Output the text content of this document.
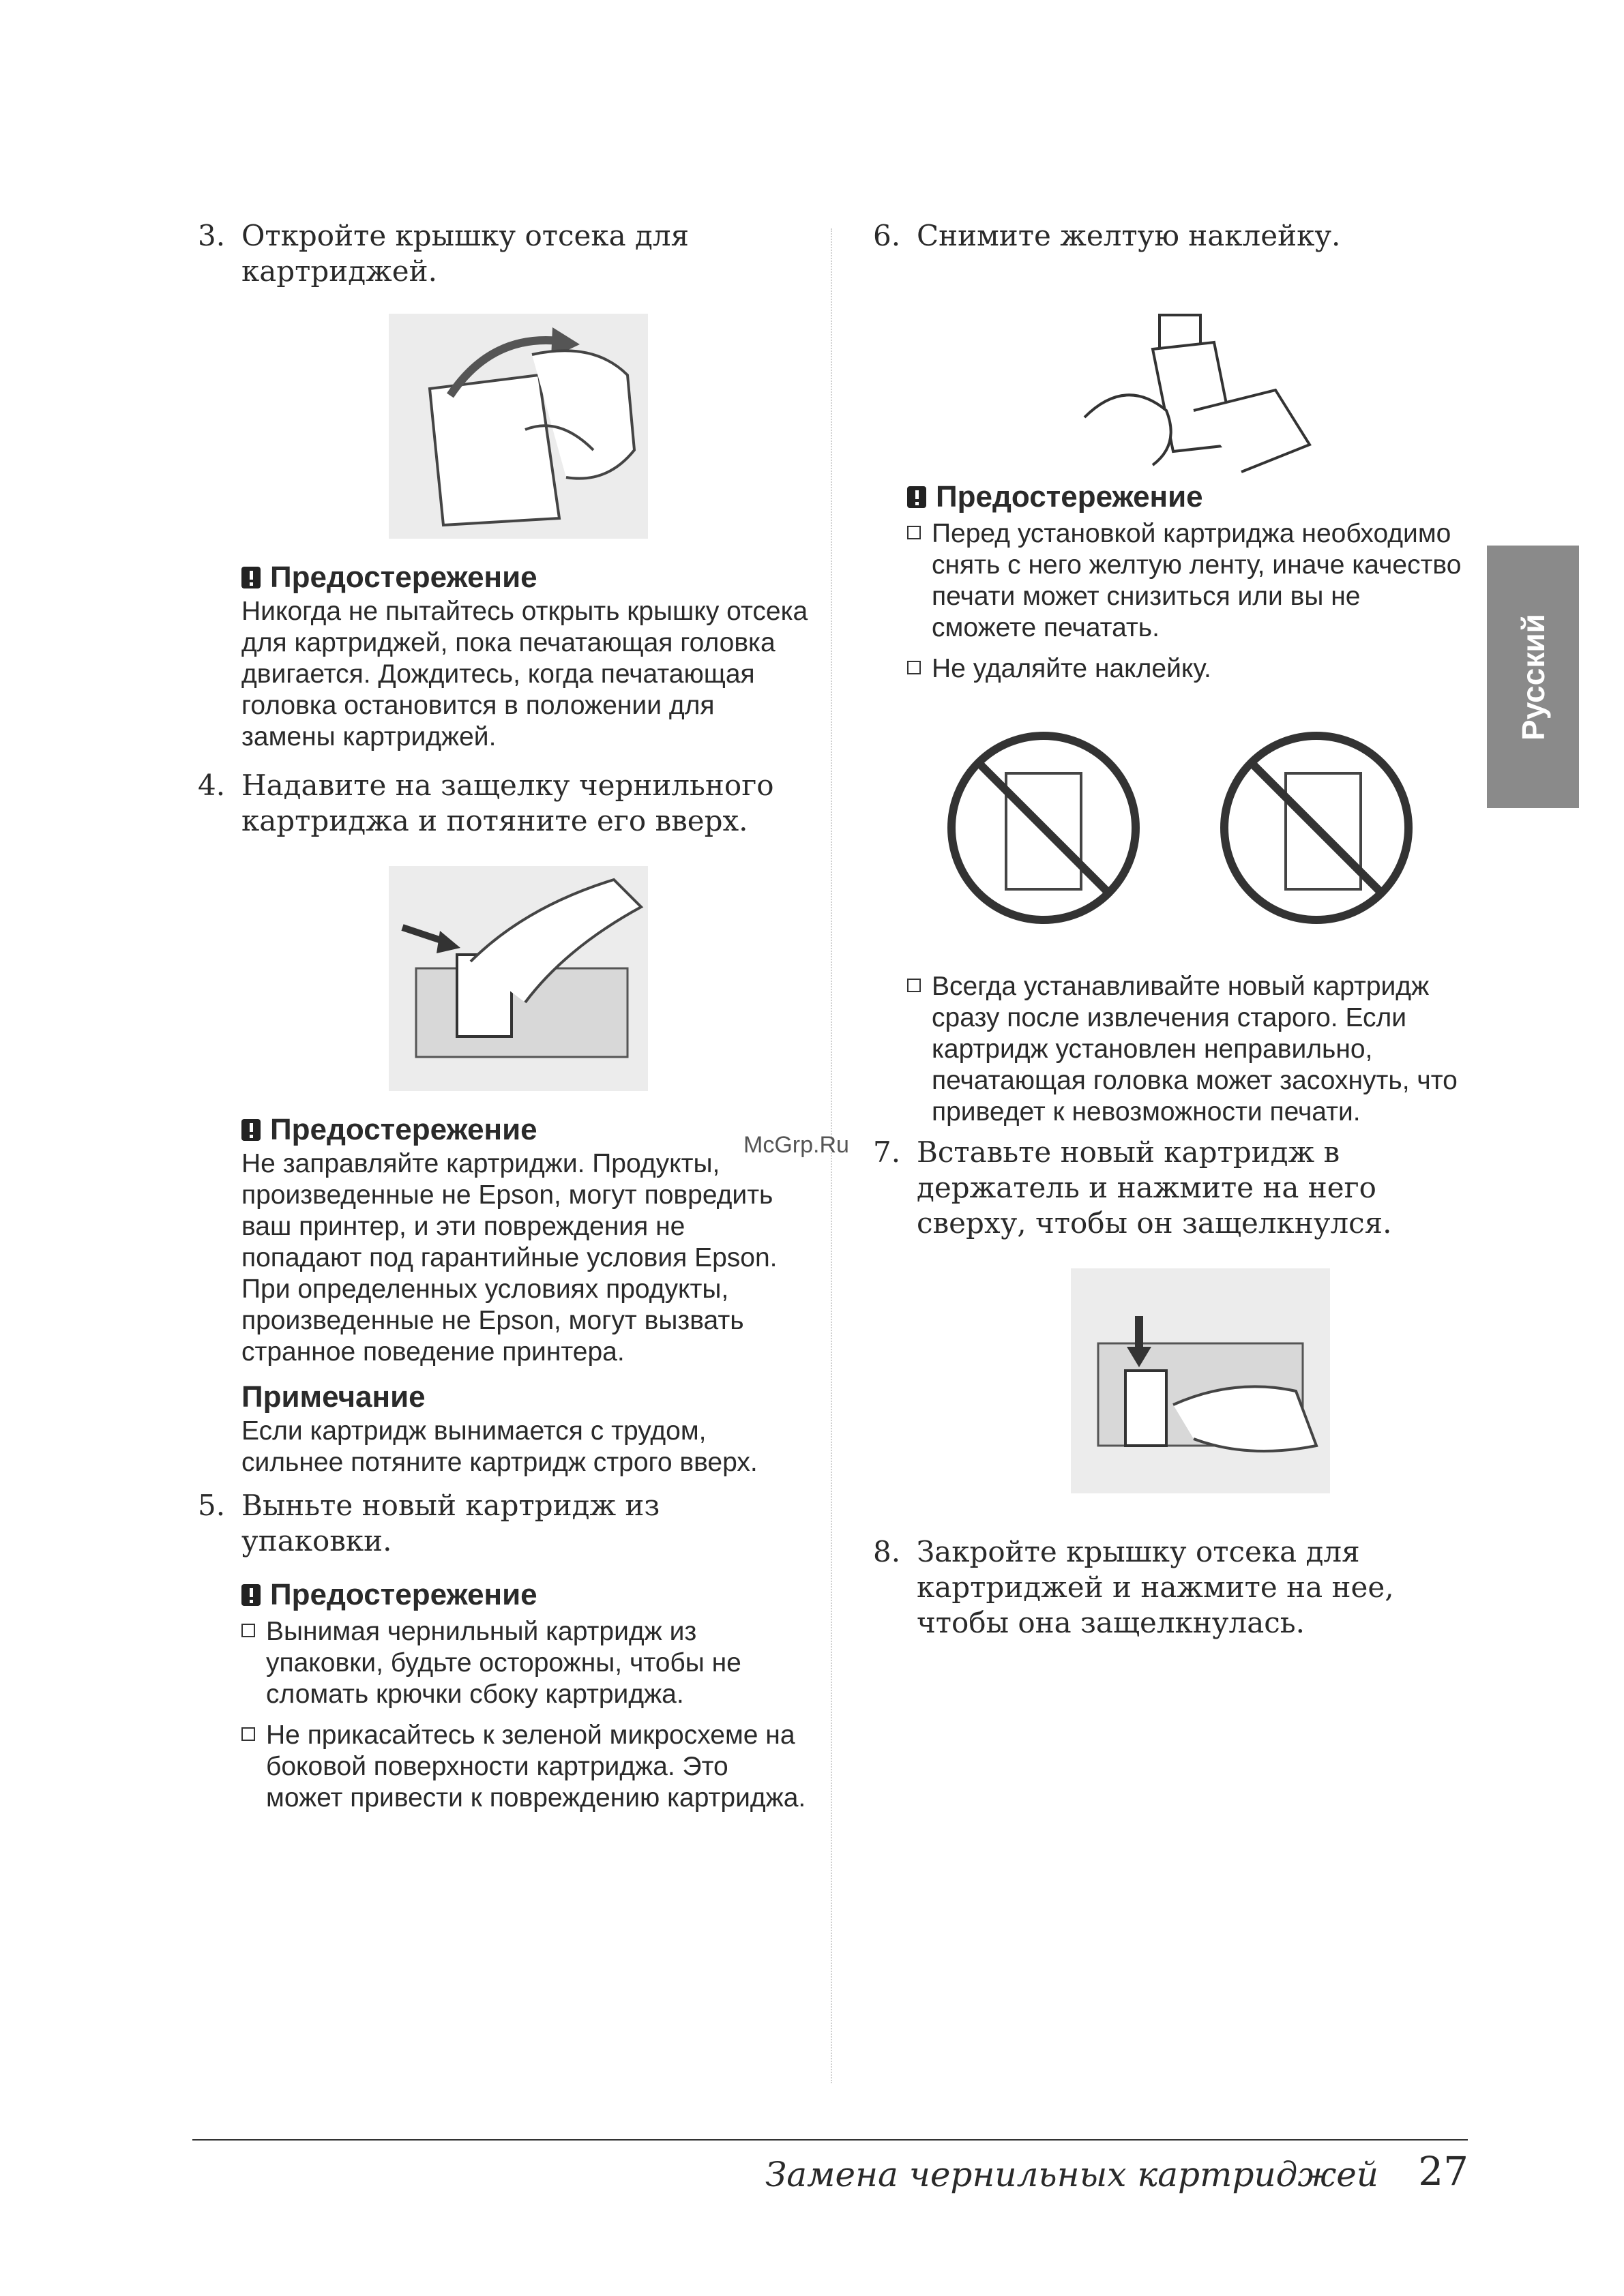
3. Откройте крышку отсека для картриджей.
Предостережение
Никогда не пытайтесь открыть крышку отсека для картриджей, пока печатающая головка двигается. Дождитесь, когда печатающая головка остановится в положении для замены картриджей.
4. Надавите на защелку чернильного картриджа и потяните его вверх.
Предостережение
Не заправляйте картриджи. Продукты, произведенные не Epson, могут повредить ваш принтер, и эти повреждения не попадают под гарантийные условия Epson.
При определенных условиях продукты, произведенные не Epson, могут вызвать странное поведение принтера.
Примечание
Если картридж вынимается с трудом, сильнее потяните картридж строго вверх.
5. Выньте новый картридж из упаковки.
Предостережение
Вынимая чернильный картридж из упаковки, будьте осторожны, чтобы не сломать крючки сбоку картриджа.
Не прикасайтесь к зеленой микросхеме на боковой поверхности картриджа. Это может привести к повреждению картриджа.
6. Снимите желтую наклейку.
Предостережение
Перед установкой картриджа необходимо снять с него желтую ленту, иначе качество печати может снизиться или вы не сможете печатать.
Не удаляйте наклейку.
Всегда устанавливайте новый картридж сразу после извлечения старого. Если картридж установлен неправильно, печатающая головка может засохнуть, что приведет к невозможности печати.
7. Вставьте новый картридж в держатель и нажмите на него сверху, чтобы он защелкнулся.
8. Закройте крышку отсека для картриджей и нажмите на нее, чтобы она защелкнулась.
Русский
McGrp.Ru
Замена чернильных картриджей 27
